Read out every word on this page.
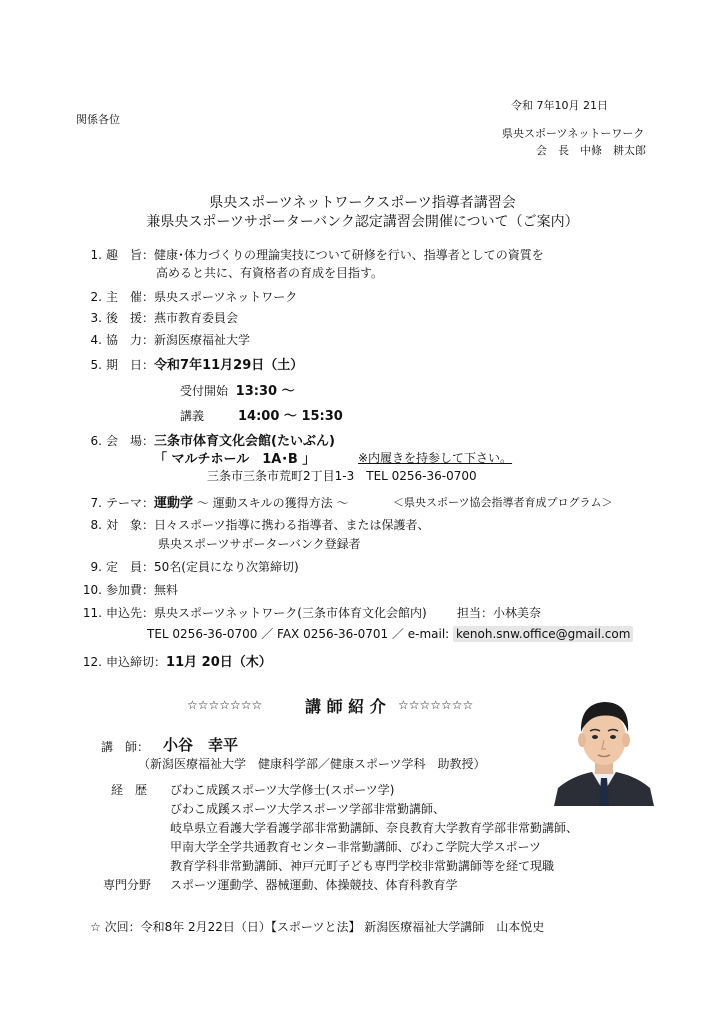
令和 7年10月 21日
関係各位
県央スポーツネットーワーク
会　長　中條　耕太郎
県央スポーツネットワークスポーツ指導者講習会
兼県央スポーツサポーターバンク認定講習会開催について（ご案内）
1. 趣　旨：健康･体力づくりの理論実技について研修を行い、指導者としての資質を
高めると共に、有資格者の育成を目指す。
2. 主　催：県央スポーツネットワーク
3. 後　援：燕市教育委員会
4. 協　力：新潟医療福祉大学
5. 期　日：令和7年11月29日（土）
受付開始 13:30 ～
講義	14:00 ～ 15:30
6. 会　場：三条市体育文化会館(たいぶん)
「 マルチホール　1A･B 」	※内履きを持参して下さい。
三条市三条市荒町2丁目1-3　TEL 0256-36-0700
7. テーマ：運動学 ～ 運動スキルの獲得方法 ～	＜県央スポーツ協会指導者育成プログラム＞
8. 対　象：日々スポーツ指導に携わる指導者、または保護者、
県央スポーツサポーターバンク登録者
9. 定　員：50名(定員になり次第締切)
10. 参加費：無料
11. 申込先：県央スポーツネットワーク(三条市体育文化会館内)	担当：小林美奈
TEL 0256-36-0700 ／ FAX 0256-36-0701 ／ e-mail: kenoh.snw.office@gmail.com
12. 申込締切：11月 20日（木）
☆☆☆☆☆☆☆	講 師 紹 介 ☆☆☆☆☆☆☆
講　師： 小谷　幸平
（新潟医療福祉大学　健康科学部／健康スポーツ学科　助教授）
経　歴 びわこ成蹊スポーツ大学修士(スポーツ学)
びわこ成蹊スポーツ大学スポーツ学部非常勤講師、
岐阜県立看護大学看護学部非常勤講師、奈良教育大学教育学部非常勤講師、
甲南大学全学共通教育センター非常勤講師、びわこ学院大学スポーツ
教育学科非常勤講師、神戸元町子ども専門学校非常勤講師等を経て現職
専門分野 スポーツ運動学、器械運動、体操競技、体育科教育学
☆ 次回：令和8年 2月22日（日）【スポーツと法】 新潟医療福祉大学講師　山本悦史
